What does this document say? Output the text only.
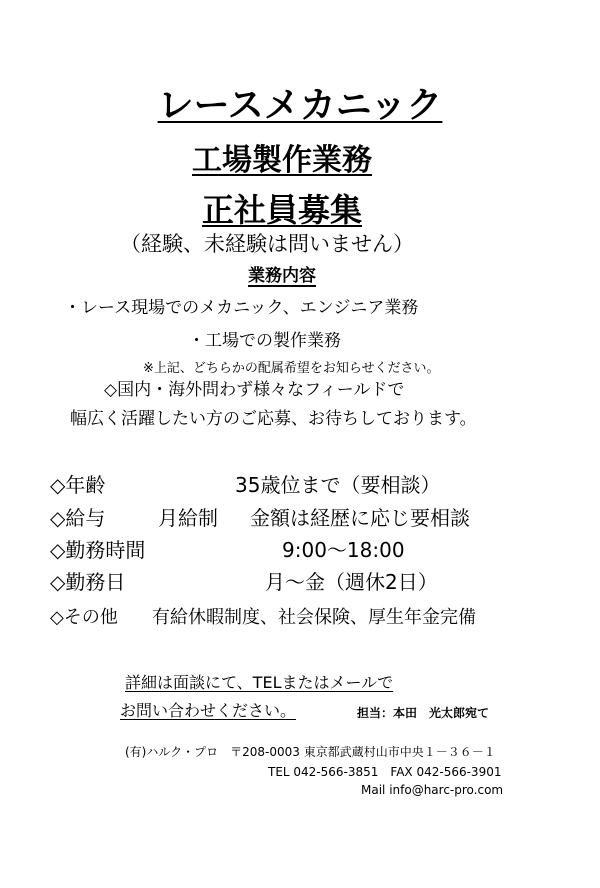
レースメカニック
工場製作業務
正社員募集
（経験、未経験は問いません）
業務内容
・レース現場でのメカニック、エンジニア業務
・工場での製作業務
※上記、どちらかの配属希望をお知らせください。
◇国内・海外問わず様々なフィールドで
幅広く活躍したい方のご応募、お待ちしております。
◇年齢	35歳位まで（要相談）
◇給与	月給制 金額は経歴に応じ要相談
◇勤務時間	9:00～18:00
◇勤務日	月～金（週休2日）
◇その他 有給休暇制度、社会保険、厚生年金完備
詳細は面談にて、TELまたはメールで
お問い合わせください。	担当：本田　光太郎宛て
(有)ハルク・プロ　〒208-0003 東京都武蔵村山市中央１－３６－１
TEL 042-566-3851　FAX 042-566-3901
Mail info@harc-pro.com
